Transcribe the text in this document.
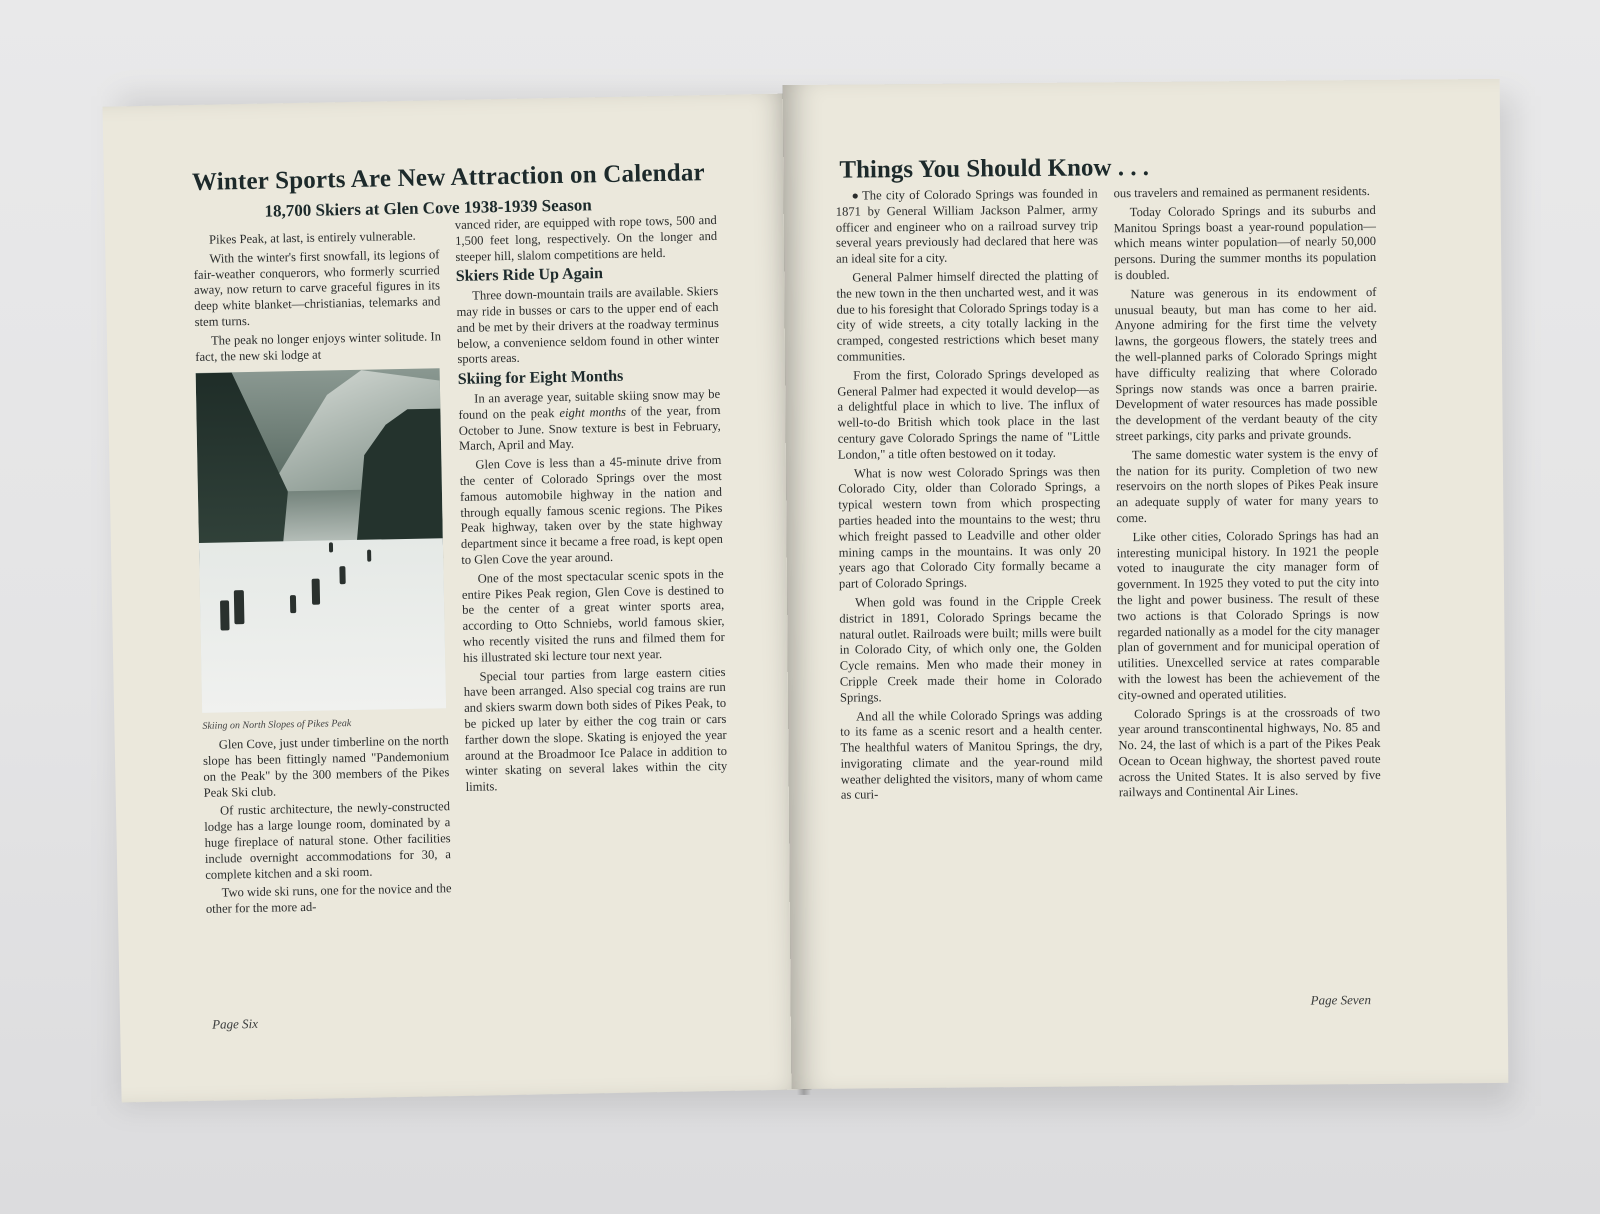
Winter Sports Are New Attraction on Calendar
18,700 Skiers at Glen Cove 1938-1939 Season

Pikes Peak, at last, is entirely vulnerable.

With the winter's first snowfall, its legions of fair-weather conquerors, who formerly scurried away, now return to carve graceful figures in its deep white blanket—christianias, telemarks and stem turns.

The peak no longer enjoys winter solitude. In fact, the new ski lodge at

Skiing on North Slopes of Pikes Peak

Glen Cove, just under timberline on the north slope has been fittingly named "Pandemonium on the Peak" by the 300 members of the Pikes Peak Ski club.

Of rustic architecture, the newly-constructed lodge has a large lounge room, dominated by a huge fireplace of natural stone. Other facilities include overnight accommodations for 30, a complete kitchen and a ski room.

Two wide ski runs, one for the novice and the other for the more ad-

vanced rider, are equipped with rope tows, 500 and 1,500 feet long, respectively. On the longer and steeper hill, slalom competitions are held.

Skiers Ride Up Again

Three down-mountain trails are available. Skiers may ride in busses or cars to the upper end of each and be met by their drivers at the roadway terminus below, a convenience seldom found in other winter sports areas.

Skiing for Eight Months

In an average year, suitable skiing snow may be found on the peak eight months of the year, from October to June. Snow texture is best in February, March, April and May.

Glen Cove is less than a 45-minute drive from the center of Colorado Springs over the most famous automobile highway in the nation and through equally famous scenic regions. The Pikes Peak highway, taken over by the state highway department since it became a free road, is kept open to Glen Cove the year around.

One of the most spectacular scenic spots in the entire Pikes Peak region, Glen Cove is destined to be the center of a great winter sports area, according to Otto Schniebs, world famous skier, who recently visited the runs and filmed them for his illustrated ski lecture tour next year.

Special tour parties from large eastern cities have been arranged. Also special cog trains are run and skiers swarm down both sides of Pikes Peak, to be picked up later by either the cog train or cars farther down the slope. Skating is enjoyed the year around at the Broadmoor Ice Palace in addition to winter skating on several lakes within the city limits.

Page Six
Things You Should Know . . .

● The city of Colorado Springs was founded in 1871 by General William Jackson Palmer, army officer and engineer who on a railroad survey trip several years previously had declared that here was an ideal site for a city.

General Palmer himself directed the platting of the new town in the then uncharted west, and it was due to his foresight that Colorado Springs today is a city of wide streets, a city totally lacking in the cramped, congested restrictions which beset many communities.

From the first, Colorado Springs developed as General Palmer had expected it would develop—as a delightful place in which to live. The influx of well-to-do British which took place in the last century gave Colorado Springs the name of "Little London," a title often bestowed on it today.

What is now west Colorado Springs was then Colorado City, older than Colorado Springs, a typical western town from which prospecting parties headed into the mountains to the west; thru which freight passed to Leadville and other older mining camps in the mountains. It was only 20 years ago that Colorado City formally became a part of Colorado Springs.

When gold was found in the Cripple Creek district in 1891, Colorado Springs became the natural outlet. Railroads were built; mills were built in Colorado City, of which only one, the Golden Cycle remains. Men who made their money in Cripple Creek made their home in Colorado Springs.

And all the while Colorado Springs was adding to its fame as a scenic resort and a health center. The healthful waters of Manitou Springs, the dry, invigorating climate and the year-round mild weather delighted the visitors, many of whom came as curi-

ous travelers and remained as permanent residents.

Today Colorado Springs and its suburbs and Manitou Springs boast a year-round population—which means winter population—of nearly 50,000 persons. During the summer months its population is doubled.

Nature was generous in its endowment of unusual beauty, but man has come to her aid. Anyone admiring for the first time the velvety lawns, the gorgeous flowers, the stately trees and the well-planned parks of Colorado Springs might have difficulty realizing that where Colorado Springs now stands was once a barren prairie. Development of water resources has made possible the development of the verdant beauty of the city street parkings, city parks and private grounds.

The same domestic water system is the envy of the nation for its purity. Completion of two new reservoirs on the north slopes of Pikes Peak insure an adequate supply of water for many years to come.

Like other cities, Colorado Springs has had an interesting municipal history. In 1921 the people voted to inaugurate the city manager form of government. In 1925 they voted to put the city into the light and power business. The result of these two actions is that Colorado Springs is now regarded nationally as a model for the city manager plan of government and for municipal operation of utilities. Unexcelled service at rates comparable with the lowest has been the achievement of the city-owned and operated utilities.

Colorado Springs is at the crossroads of two year around transcontinental highways, No. 85 and No. 24, the last of which is a part of the Pikes Peak Ocean to Ocean highway, the shortest paved route across the United States. It is also served by five railways and Continental Air Lines.

Page Seven
